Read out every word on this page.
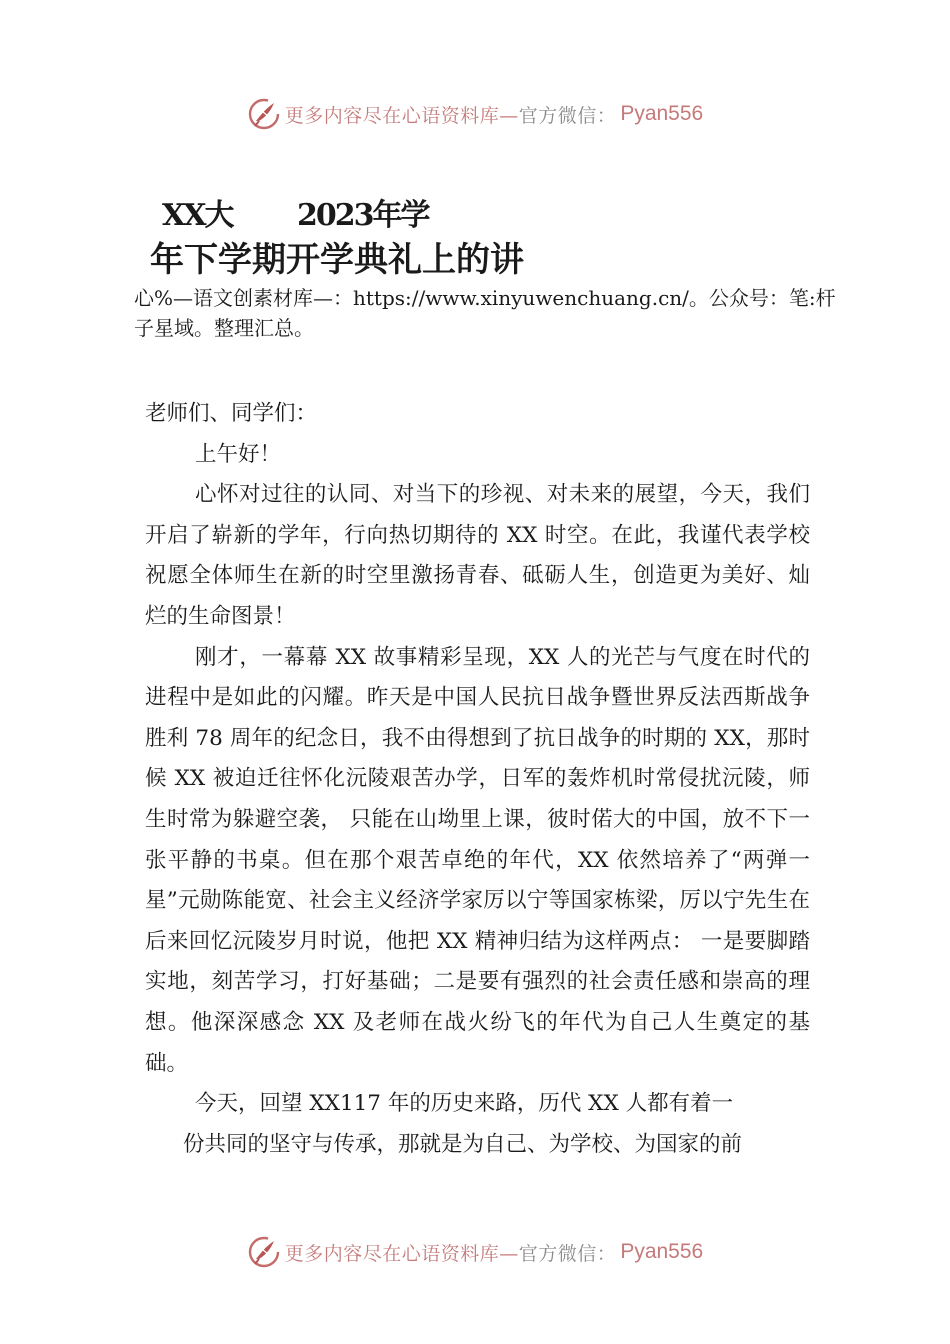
更多内容尽在心语资料库— 官方微信： Pyan556
XX大 2023年学
年下学期开学典礼上的讲
心%—语文创素材库—：https://www.xinyuwenchuang.cn/。公众号：笔:杆子星域。整理汇总。

老师们、同学们：

上午好！

心怀对过往的认同、对当下的珍视、对未来的展望，今天，我们开启了崭新的学年，行向热切期待的 XX 时空。在此，我谨代表学校祝愿全体师生在新的时空里激扬青春、砥砺人生，创造更为美好、灿烂的生命图景！

刚才，一幕幕 XX 故事精彩呈现，XX 人的光芒与气度在时代的进程中是如此的闪耀。昨天是中国人民抗日战争暨世界反法西斯战争胜利 78 周年的纪念日，我不由得想到了抗日战争的时期的 XX，那时候 XX 被迫迁往怀化沅陵艰苦办学，日军的轰炸机时常侵扰沅陵，师生时常为躲避空袭， 只能在山坳里上课，彼时偌大的中国，放不下一张平静的书桌。但在那个艰苦卓绝的年代，XX 依然培养了“两弹一星”元勋陈能宽、社会主义经济学家厉以宁等国家栋梁，厉以宁先生在后来回忆沅陵岁月时说，他把 XX 精神归结为这样两点： 一是要脚踏实地，刻苦学习，打好基础；二是要有强烈的社会责任感和崇高的理想。他深深感念 XX 及老师在战火纷飞的年代为自己人生奠定的基础。

今天，回望 XX117 年的历史来路，历代 XX 人都有着一

份共同的坚守与传承，那就是为自己、为学校、为国家的前

更多内容尽在心语资料库— 官方微信： Pyan556
